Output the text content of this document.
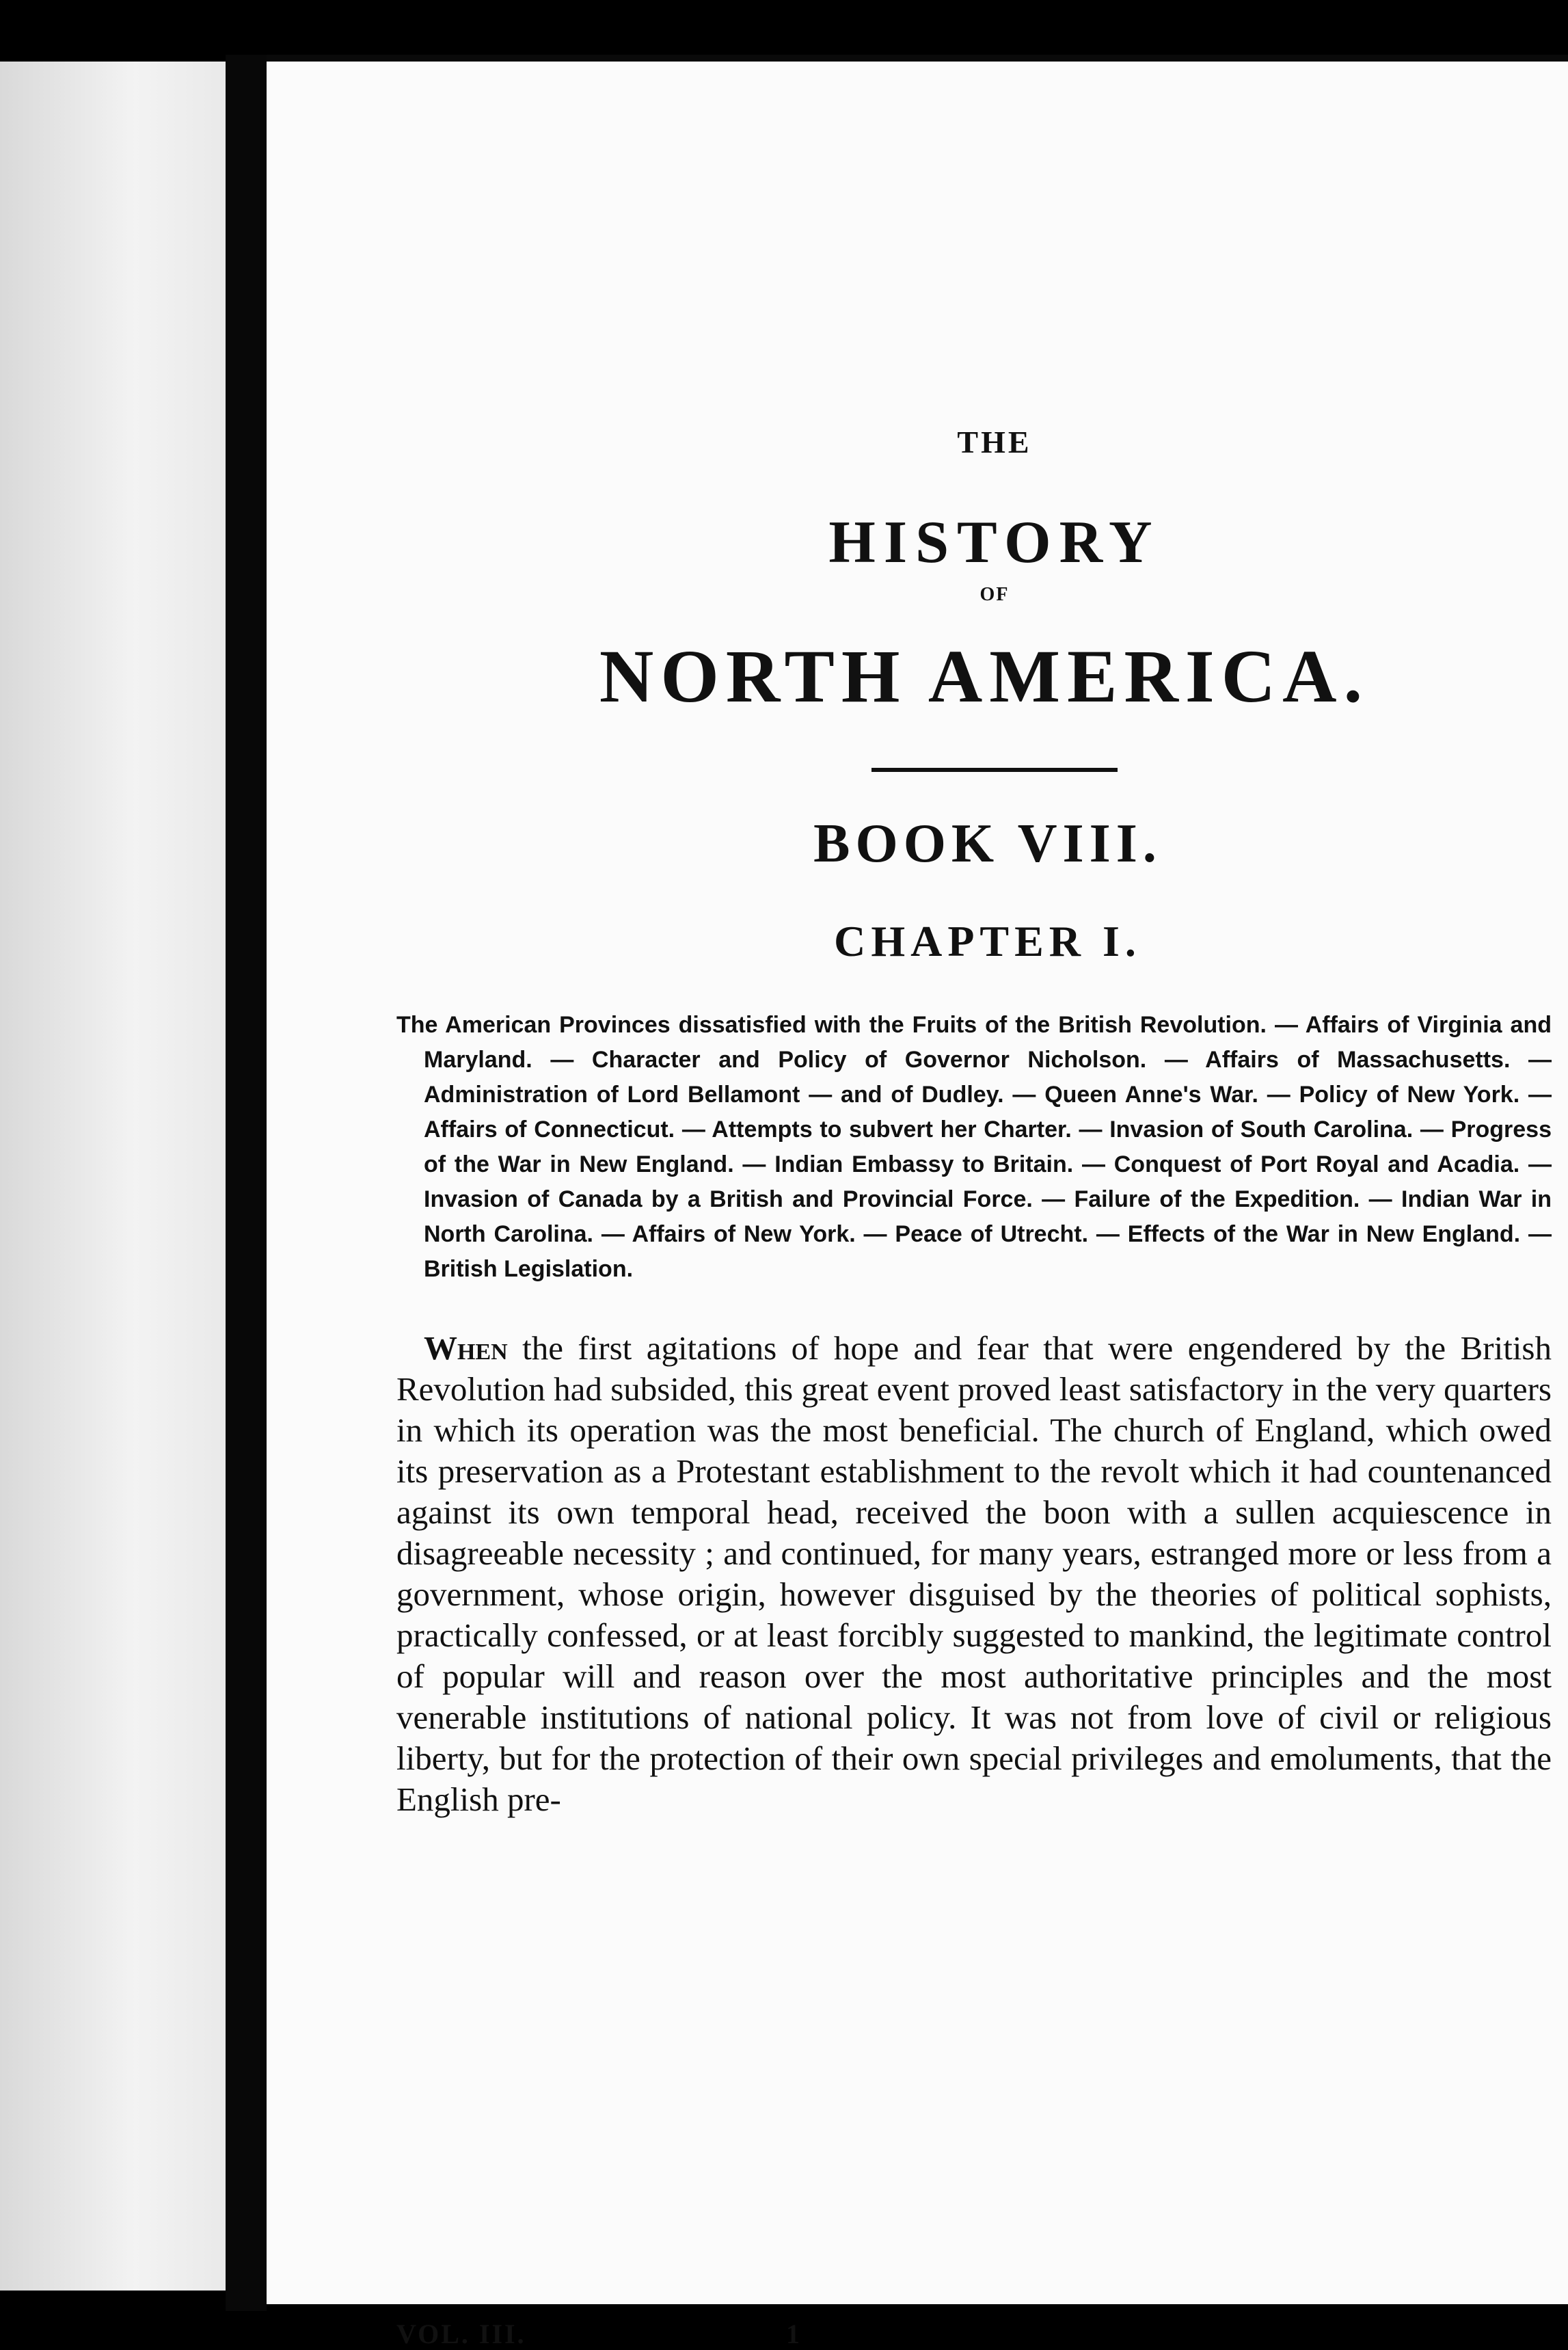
THE
HISTORY
OF
NORTH AMERICA.
BOOK VIII.
CHAPTER I.
The American Provinces dissatisfied with the Fruits of the British Revolution. — Affairs of Virginia and Maryland. — Character and Policy of Governor Nicholson. — Affairs of Massachusetts. — Administration of Lord Bellamont — and of Dudley. — Queen Anne's War. — Policy of New York. — Affairs of Connecticut. — Attempts to subvert her Charter. — Invasion of South Carolina. — Progress of the War in New England. — Indian Embassy to Britain. — Conquest of Port Royal and Acadia. — Invasion of Canada by a British and Provincial Force. — Failure of the Expedition. — Indian War in North Carolina. — Affairs of New York. — Peace of Utrecht. — Effects of the War in New England. — British Legislation.
When the first agitations of hope and fear that were engendered by the British Revolution had subsided, this great event proved least satisfactory in the very quarters in which its operation was the most beneficial. The church of England, which owed its preservation as a Protestant establishment to the revolt which it had countenanced against its own temporal head, received the boon with a sullen acquiescence in disagreeable necessity ; and continued, for many years, estranged more or less from a government, whose origin, however disguised by the theories of political sophists, practically confessed, or at least forcibly suggested to mankind, the legitimate control of popular will and reason over the most authoritative principles and the most venerable institutions of national policy. It was not from love of civil or religious liberty, but for the protection of their own special privileges and emoluments, that the English pre-
VOL. III.	1
